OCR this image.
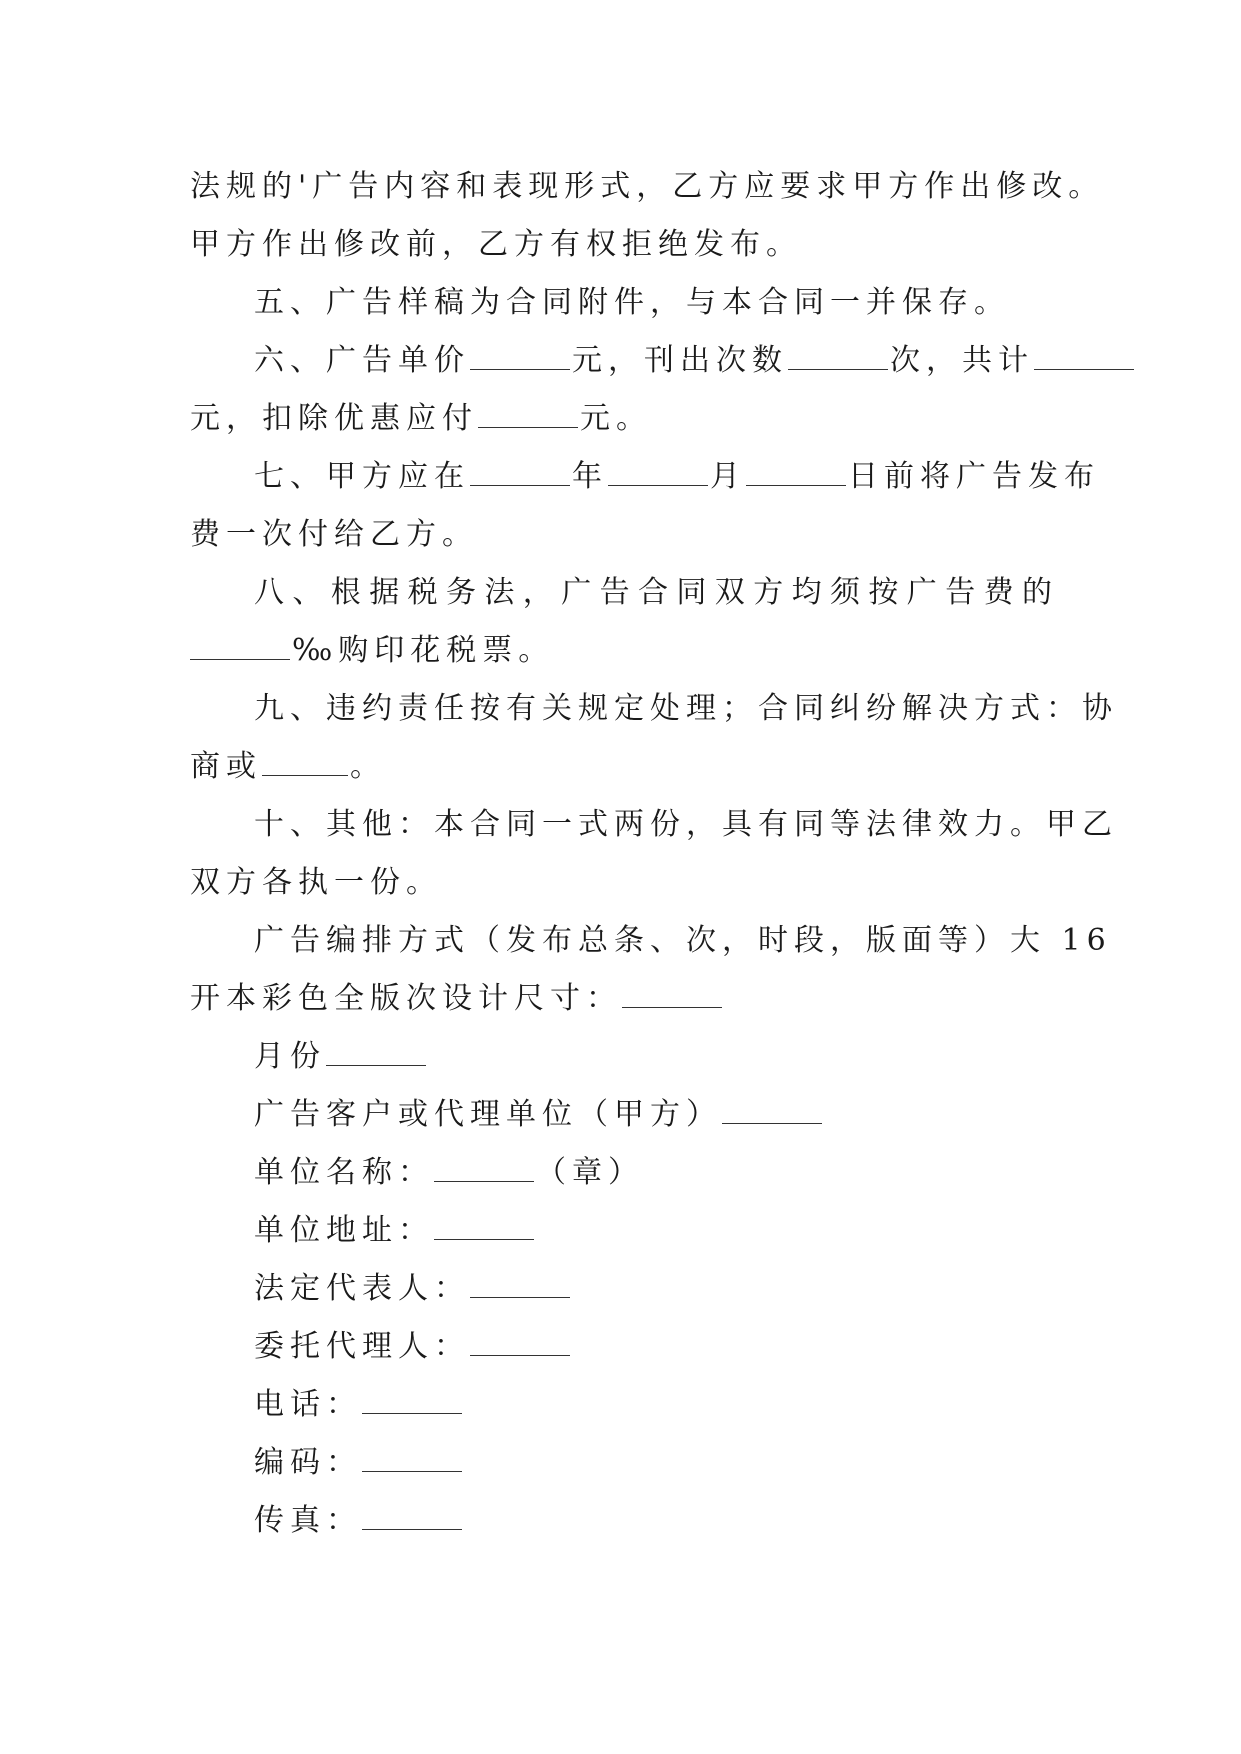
法规的'广告内容和表现形式，乙方应要求甲方作出修改。
甲方作出修改前，乙方有权拒绝发布。
五、广告样稿为合同附件，与本合同一并保存。
六、广告单价	元，刊出次数	次，共计
元，扣除优惠应付	元。
七、甲方应在	年	月	日前将广告发布
费一次付给乙方。
八、根据税务法，广告合同双方均须按广告费的
‰购印花税票。
九、违约责任按有关规定处理；合同纠纷解决方式：协
商或	。
十、其他：本合同一式两份，具有同等法律效力。甲乙
双方各执一份。
广告编排方式（发布总条、次，时段，版面等）大 16
开本彩色全版次设计尺寸：
月份
广告客户或代理单位（甲方）
单位名称：	（章）
单位地址：
法定代表人：
委托代理人：
电话：
编码：
传真：
